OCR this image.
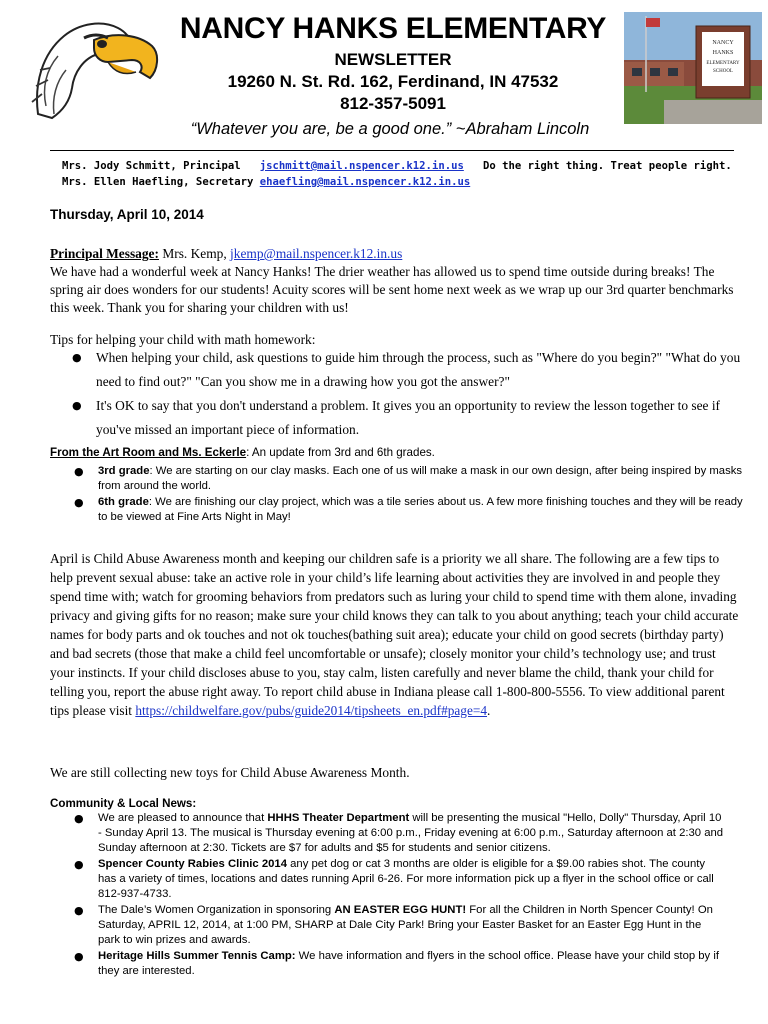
NANCY
HANKS
ELEMENTARY
SCHOOL
NANCY HANKS ELEMENTARY
NEWSLETTER
19260 N. St. Rd. 162, Ferdinand, IN 47532
812-357-5091
“Whatever you are, be a good one.” ~Abraham Lincoln
Mrs. Jody Schmitt, Principal jschmitt@mail.nspencer.k12.in.us Do the right thing. Treat people right.
Mrs. Ellen Haefling, Secretary ehaefling@mail.nspencer.k12.in.us
Thursday, April 10, 2014
Principal Message: Mrs. Kemp, jkemp@mail.nspencer.k12.in.us
We have had a wonderful week at Nancy Hanks! The drier weather has allowed us to spend time outside during breaks! The spring air does wonders for our students! Acuity scores will be sent home next week as we wrap up our 3rd quarter benchmarks this week. Thank you for sharing your children with us!
Tips for helping your child with math homework:
● When helping your child, ask questions to guide him through the process, such as "Where do you begin?" "What do you need to find out?" "Can you show me in a drawing how you got the answer?"
● It's OK to say that you don't understand a problem. It gives you an opportunity to review the lesson together to see if you've missed an important piece of information.
From the Art Room and Ms. Eckerle: An update from 3rd and 6th grades.
● 3rd grade: We are starting on our clay masks. Each one of us will make a mask in our own design, after being inspired by masks from around the world.
● 6th grade: We are finishing our clay project, which was a tile series about us. A few more finishing touches and they will be ready to be viewed at Fine Arts Night in May!
April is Child Abuse Awareness month and keeping our children safe is a priority we all share. The following are a few tips to help prevent sexual abuse: take an active role in your child’s life learning about activities they are involved in and people they spend time with; watch for grooming behaviors from predators such as luring your child to spend time with them alone, invading privacy and giving gifts for no reason; make sure your child knows they can talk to you about anything; teach your child accurate names for body parts and ok touches and not ok touches(bathing suit area); educate your child on good secrets (birthday party) and bad secrets (those that make a child feel uncomfortable or unsafe); closely monitor your child’s technology use; and trust your instincts. If your child discloses abuse to you, stay calm, listen carefully and never blame the child, thank your child for telling you, report the abuse right away. To report child abuse in Indiana please call 1-800-800-5556. To view additional parent tips please visit https://childwelfare.gov/pubs/guide2014/tipsheets_en.pdf#page=4.
We are still collecting new toys for Child Abuse Awareness Month.
Community & Local News:
● We are pleased to announce that HHHS Theater Department will be presenting the musical "Hello, Dolly" Thursday, April 10 - Sunday April 13. The musical is Thursday evening at 6:00 p.m., Friday evening at 6:00 p.m., Saturday afternoon at 2:30 and Sunday afternoon at 2:30. Tickets are $7 for adults and $5 for students and senior citizens.
● Spencer County Rabies Clinic 2014 any pet dog or cat 3 months are older is eligible for a $9.00 rabies shot. The county has a variety of times, locations and dates running April 6-26. For more information pick up a flyer in the school office or call 812-937-4733.
● The Dale’s Women Organization in sponsoring AN EASTER EGG HUNT! For all the Children in North Spencer County! On Saturday, APRIL 12, 2014, at 1:00 PM, SHARP at Dale City Park! Bring your Easter Basket for an Easter Egg Hunt in the park to win prizes and awards.
● Heritage Hills Summer Tennis Camp: We have information and flyers in the school office. Please have your child stop by if they are interested.
